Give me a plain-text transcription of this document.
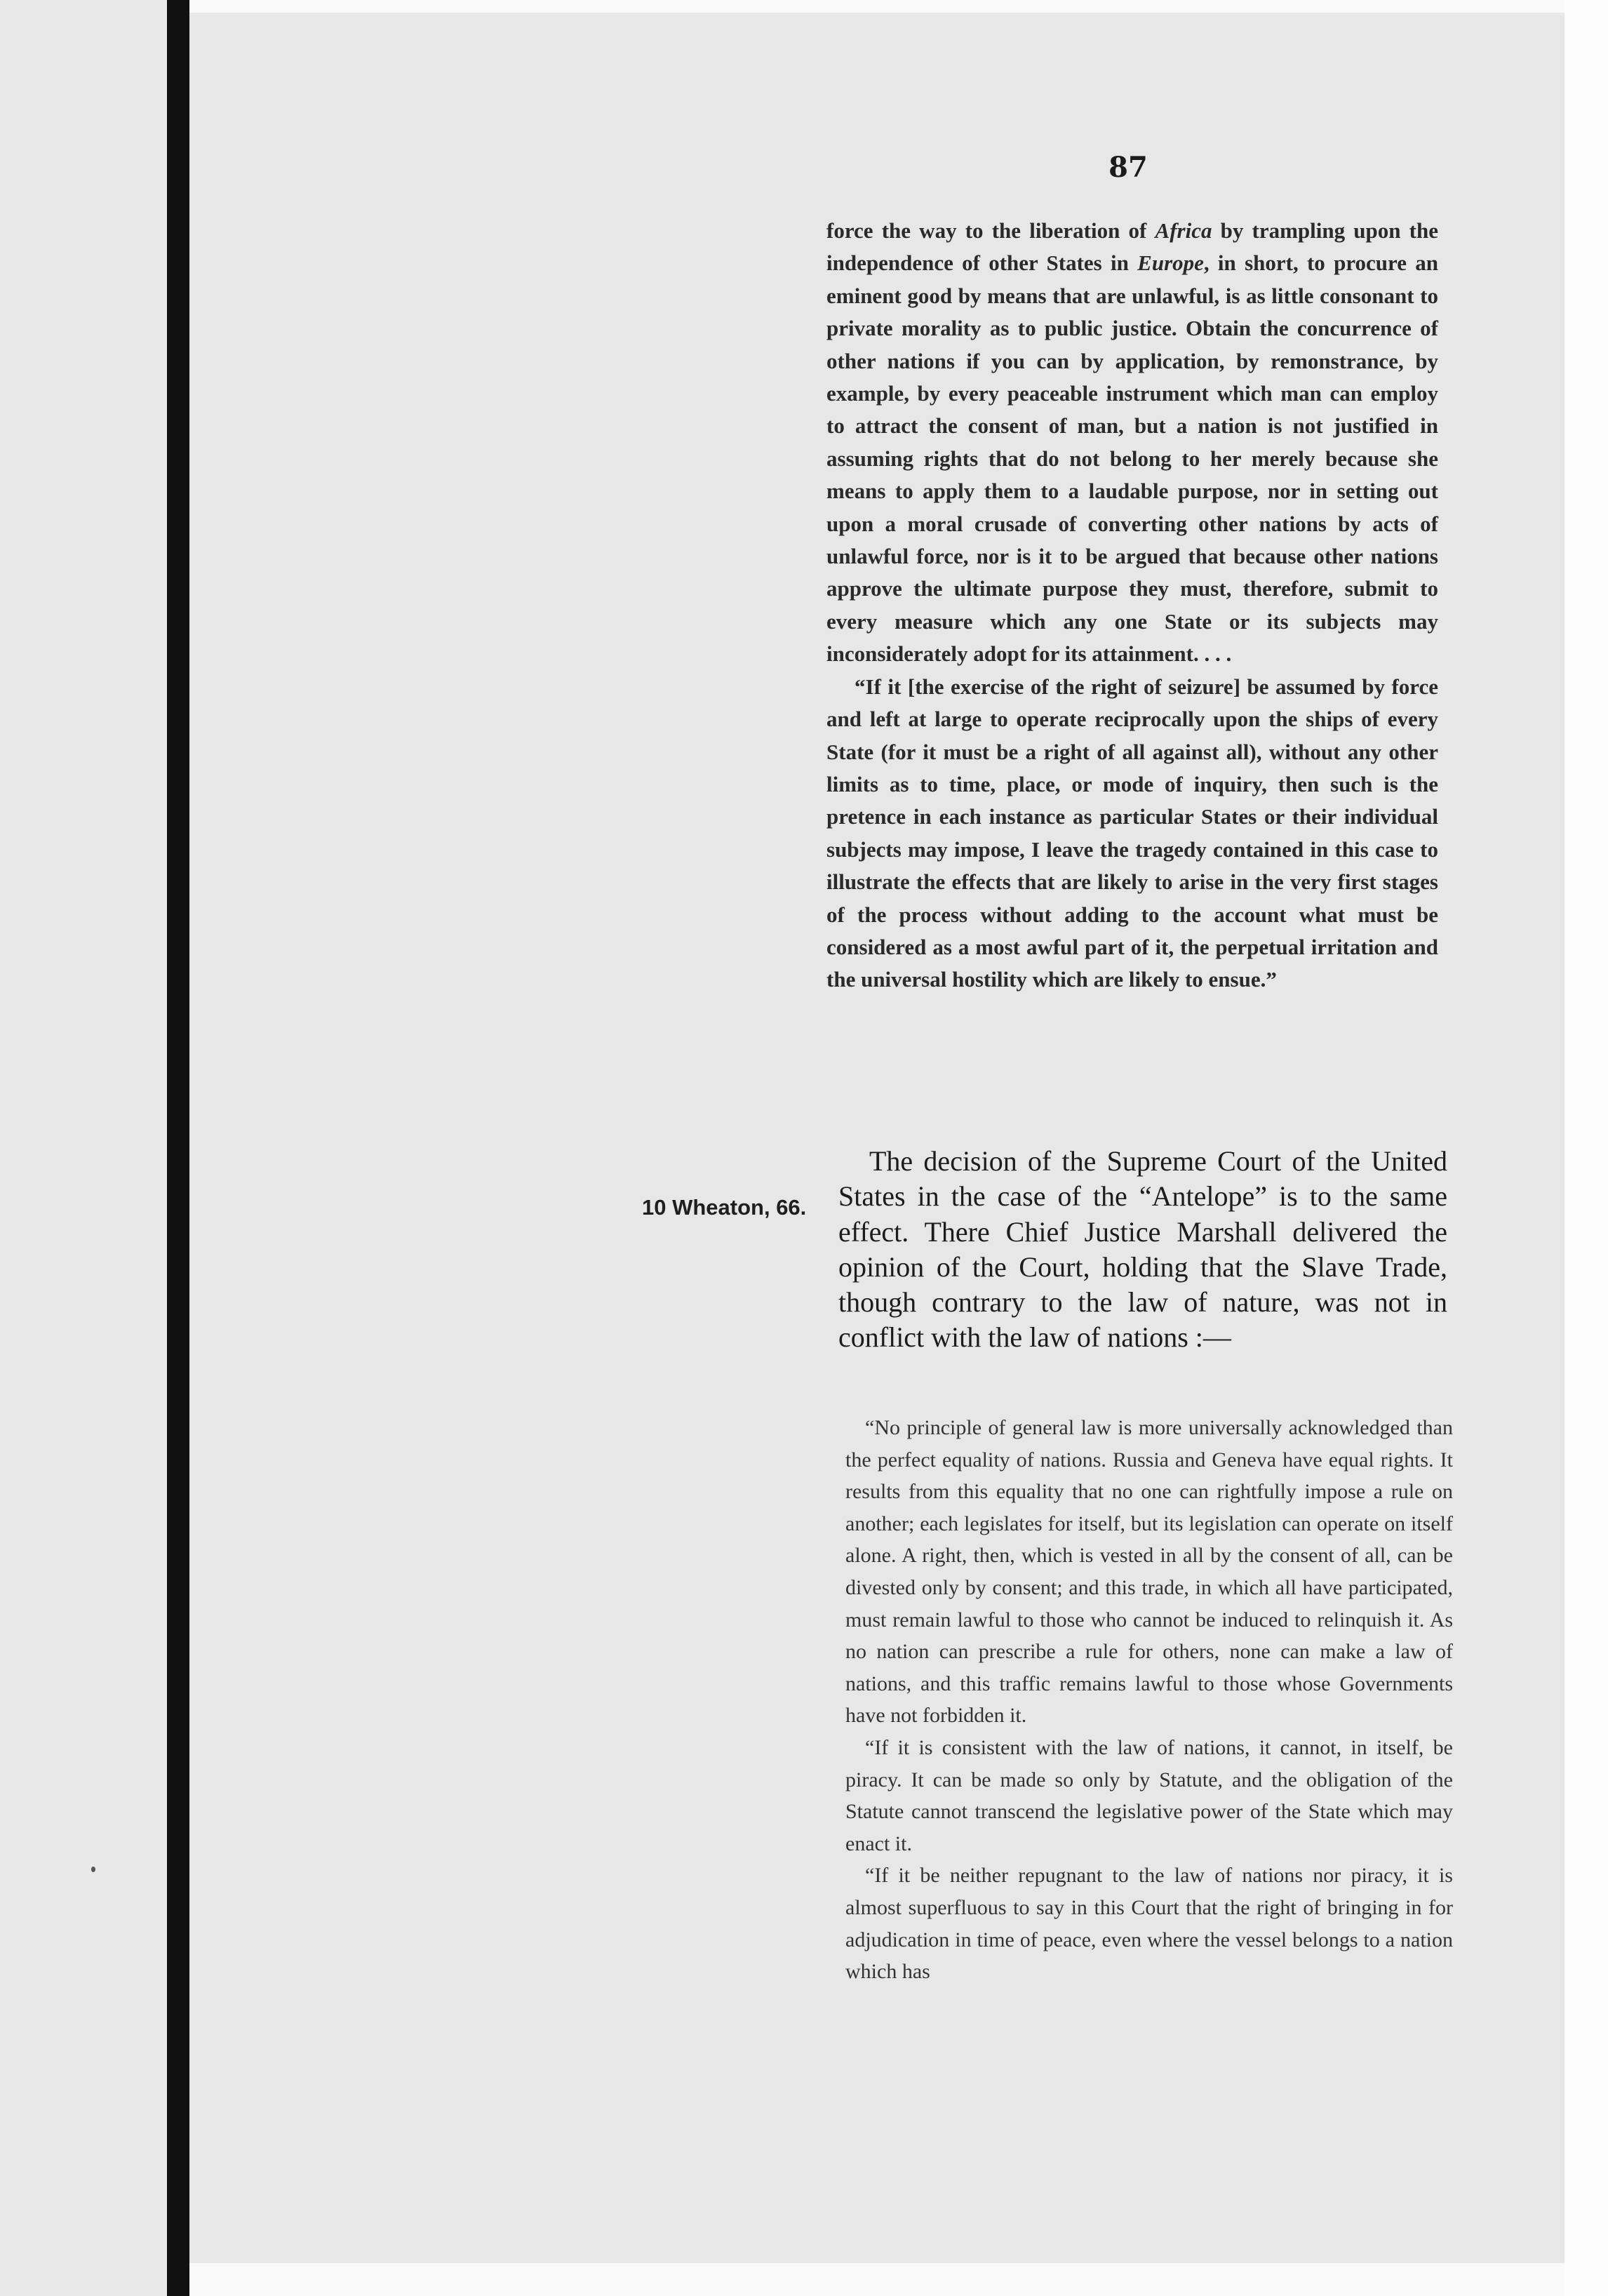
87

force the way to the liberation of Africa by trampling upon the independence of other States in Europe, in short, to procure an eminent good by means that are unlawful, is as little consonant to private morality as to public justice. Obtain the concurrence of other nations if you can by application, by remonstrance, by example, by every peaceable instrument which man can employ to attract the consent of man, but a nation is not justified in assuming rights that do not belong to her merely because she means to apply them to a laudable purpose, nor in setting out upon a moral crusade of converting other nations by acts of unlawful force, nor is it to be argued that because other nations approve the ultimate purpose they must, therefore, submit to every measure which any one State or its subjects may inconsiderately adopt for its attainment. . . .

“If it [the exercise of the right of seizure] be assumed by force and left at large to operate reciprocally upon the ships of every State (for it must be a right of all against all), without any other limits as to time, place, or mode of inquiry, then such is the pretence in each instance as particular States or their individual subjects may impose, I leave the tragedy contained in this case to illustrate the effects that are likely to arise in the very first stages of the process without adding to the account what must be considered as a most awful part of it, the perpetual irritation and the universal hostility which are likely to ensue.”

10 Wheaton, 66.

The decision of the Supreme Court of the United States in the case of the “Antelope” is to the same effect. There Chief Justice Marshall delivered the opinion of the Court, holding that the Slave Trade, though contrary to the law of nature, was not in conflict with the law of nations :—

“No principle of general law is more universally acknowledged than the perfect equality of nations. Russia and Geneva have equal rights. It results from this equality that no one can rightfully impose a rule on another; each legislates for itself, but its legislation can operate on itself alone. A right, then, which is vested in all by the consent of all, can be divested only by consent; and this trade, in which all have participated, must remain lawful to those who cannot be induced to relinquish it. As no nation can prescribe a rule for others, none can make a law of nations, and this traffic remains lawful to those whose Governments have not forbidden it.

“If it is consistent with the law of nations, it cannot, in itself, be piracy. It can be made so only by Statute, and the obligation of the Statute cannot transcend the legislative power of the State which may enact it.

“If it be neither repugnant to the law of nations nor piracy, it is almost superfluous to say in this Court that the right of bringing in for adjudication in time of peace, even where the vessel belongs to a nation which has
